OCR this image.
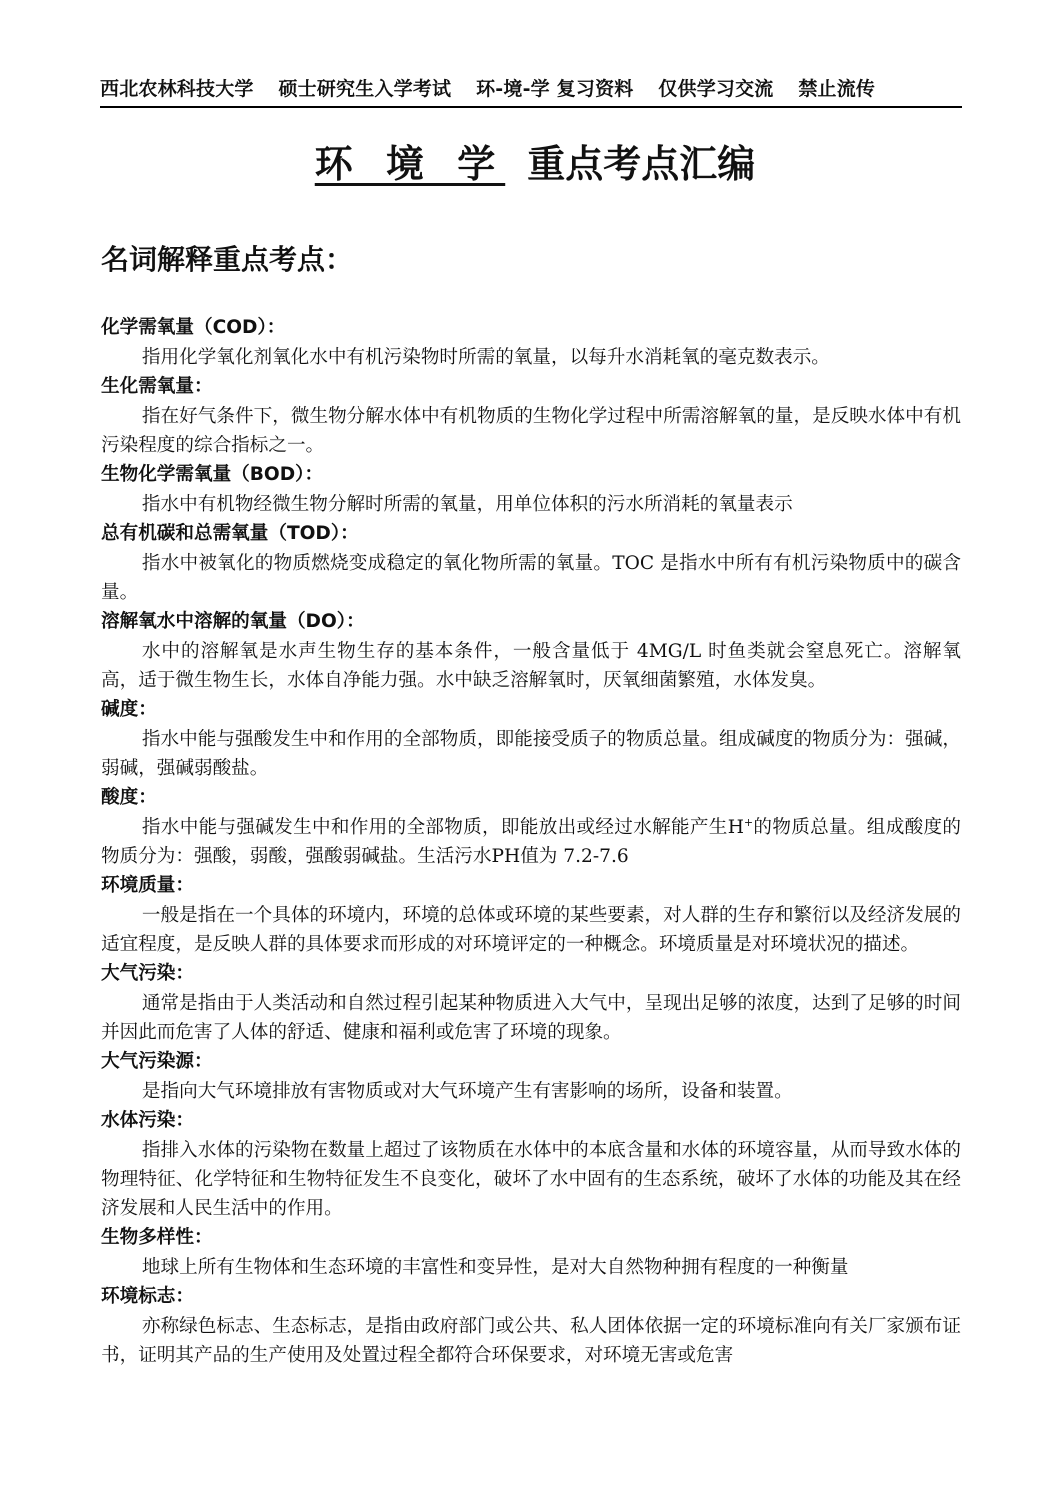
西北农林科技大学 硕士研究生入学考试 环-境-学 复习资料 仅供学习交流 禁止流传
环 境 学 重点考点汇编
名词解释重点考点：
化学需氧量（COD）：

指用化学氧化剂氧化水中有机污染物时所需的氧量，以每升水消耗氧的毫克数表示。

生化需氧量：

指在好气条件下，微生物分解水体中有机物质的生物化学过程中所需溶解氧的量，是反映水体中有机污染程度的综合指标之一。

生物化学需氧量（BOD）：

指水中有机物经微生物分解时所需的氧量，用单位体积的污水所消耗的氧量表示

总有机碳和总需氧量（TOD）：

指水中被氧化的物质燃烧变成稳定的氧化物所需的氧量。TOC 是指水中所有有机污染物质中的碳含量。

溶解氧水中溶解的氧量（DO）：

水中的溶解氧是水声生物生存的基本条件，一般含量低于 4MG/L 时鱼类就会窒息死亡。溶解氧高，适于微生物生长，水体自净能力强。水中缺乏溶解氧时，厌氧细菌繁殖，水体发臭。

碱度：

指水中能与强酸发生中和作用的全部物质，即能接受质子的物质总量。组成碱度的物质分为：强碱，弱碱，强碱弱酸盐。

酸度：

指水中能与强碱发生中和作用的全部物质，即能放出或经过水解能产生H+的物质总量。组成酸度的物质分为：强酸，弱酸，强酸弱碱盐。生活污水PH值为 7.2-7.6

环境质量：

一般是指在一个具体的环境内，环境的总体或环境的某些要素，对人群的生存和繁衍以及经济发展的适宜程度，是反映人群的具体要求而形成的对环境评定的一种概念。环境质量是对环境状况的描述。

大气污染：

通常是指由于人类活动和自然过程引起某种物质进入大气中，呈现出足够的浓度，达到了足够的时间并因此而危害了人体的舒适、健康和福利或危害了环境的现象。

大气污染源：

是指向大气环境排放有害物质或对大气环境产生有害影响的场所，设备和装置。

水体污染：

指排入水体的污染物在数量上超过了该物质在水体中的本底含量和水体的环境容量，从而导致水体的物理特征、化学特征和生物特征发生不良变化，破坏了水中固有的生态系统，破坏了水体的功能及其在经济发展和人民生活中的作用。

生物多样性：

地球上所有生物体和生态环境的丰富性和变异性，是对大自然物种拥有程度的一种衡量

环境标志：

亦称绿色标志、生态标志，是指由政府部门或公共、私人团体依据一定的环境标准向有关厂家颁布证书，证明其产品的生产使用及处置过程全都符合环保要求，对环境无害或危害
